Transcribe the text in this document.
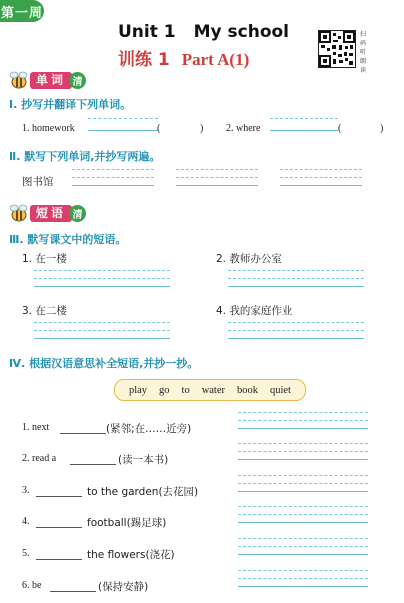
第一周
Unit 1 My school
训练 1 Part A(1)
扫码听朗读
单词 清
Ⅰ. 抄写并翻译下列单词。
1. homework	(	) 2. where	(	)
Ⅱ. 默写下列单词,并抄写两遍。
图书馆
短语 清
Ⅲ. 默写课文中的短语。
1. 在一楼	2. 教师办公室
3. 在二楼	4. 我的家庭作业
Ⅳ. 根据汉语意思补全短语,并抄一抄。
play go to water book quiet
1. next	(紧邻;在……近旁)
2. read a	(读一本书)
3.	to the garden(去花园)
4.	football(踢足球)
5.	the flowers(浇花)
6. be	(保持安静)
